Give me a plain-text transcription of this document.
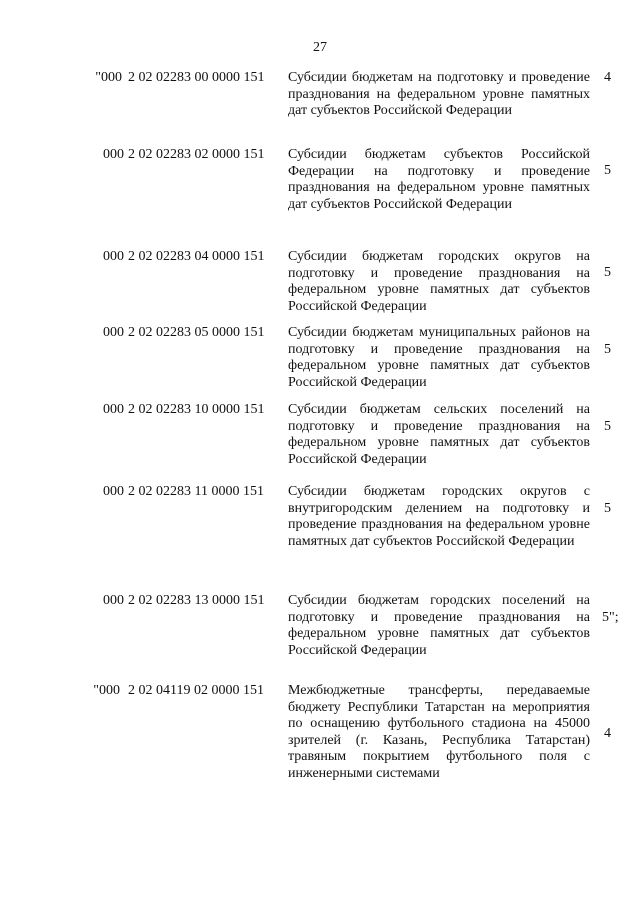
27
"000 2 02 02283 00 0000 151 Субсидии бюджетам на подготовку и проведение празднования на федеральном уровне памятных дат субъектов Российской Федерации
4
000 2 02 02283 02 0000 151 Субсидии бюджетам субъектов Российской Федерации на подготовку и проведение празднования на федеральном уровне памятных дат субъектов Российской Федерации
5
000 2 02 02283 04 0000 151 Субсидии бюджетам городских округов на подготовку и проведение празднования на федеральном уровне памятных дат субъектов Российской Федерации
5
000 2 02 02283 05 0000 151 Субсидии бюджетам муниципальных районов на подготовку и проведение празднования на федеральном уровне памятных дат субъектов Российской Федерации
5
000 2 02 02283 10 0000 151 Субсидии бюджетам сельских поселений на подготовку и проведение празднования на федеральном уровне памятных дат субъектов Российской Федерации
5
000 2 02 02283 11 0000 151 Субсидии бюджетам городских округов с внутригородским делением на подготовку и проведение празднования на федеральном уровне памятных дат субъектов Российской Федерации
5
000 2 02 02283 13 0000 151 Субсидии бюджетам городских поселений на подготовку и проведение празднования на федеральном уровне памятных дат субъектов Российской Федерации
5";
"000 2 02 04119 02 0000 151 Межбюджетные трансферты, передаваемые бюджету Республики Татарстан на мероприятия по оснащению футбольного стадиона на 45000 зрителей (г. Казань, Республика Татарстан) травяным покрытием футбольного поля с инженерными системами
4
